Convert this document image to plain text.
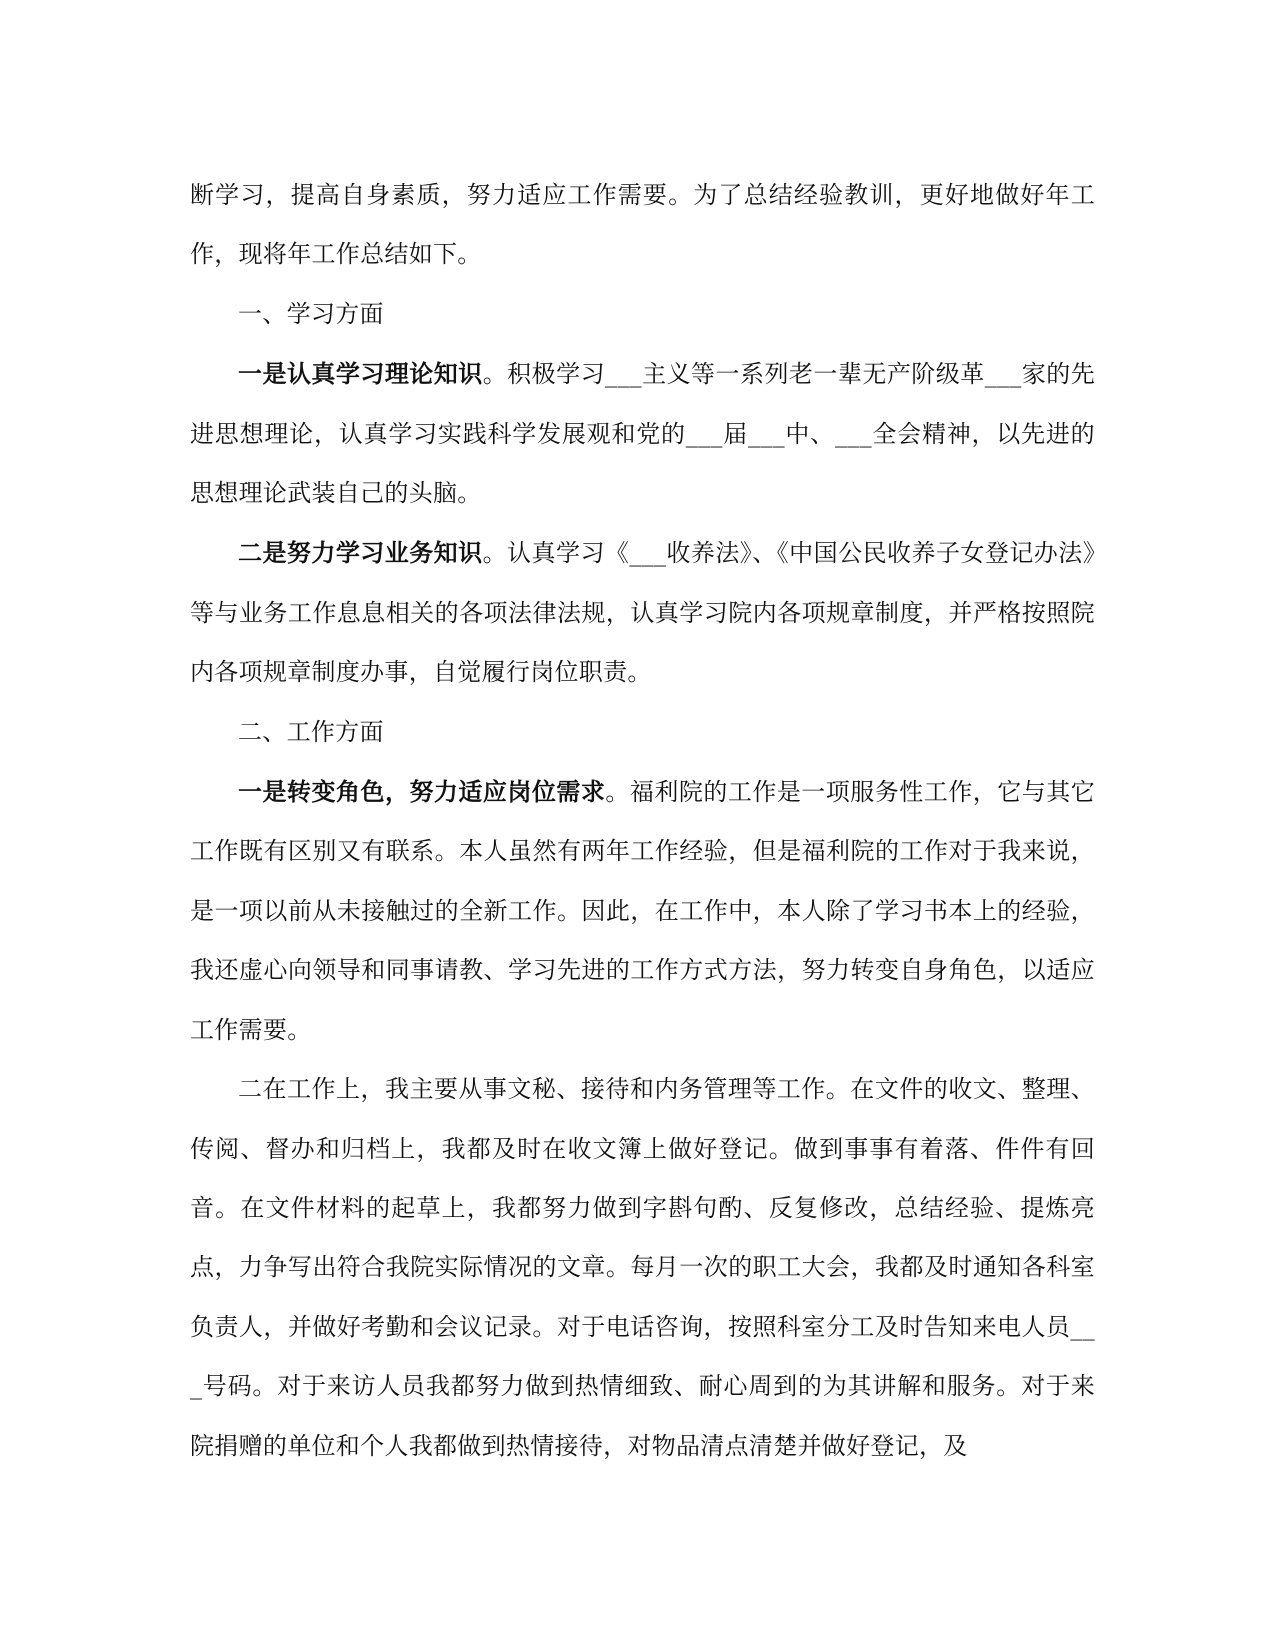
断学习，提高自身素质，努力适应工作需要。为了总结经验教训，更好地做好年工作，现将年工作总结如下。

一、学习方面

一是认真学习理论知识。积极学习___主义等一系列老一辈无产阶级革___家的先进思想理论，认真学习实践科学发展观和党的___届___中、___全会精神，以先进的思想理论武装自己的头脑。

二是努力学习业务知识。认真学习《___收养法》、《中国公民收养子女登记办法》等与业务工作息息相关的各项法律法规，认真学习院内各项规章制度，并严格按照院内各项规章制度办事，自觉履行岗位职责。

二、工作方面

一是转变角色，努力适应岗位需求。福利院的工作是一项服务性工作，它与其它工作既有区别又有联系。本人虽然有两年工作经验，但是福利院的工作对于我来说，是一项以前从未接触过的全新工作。因此，在工作中，本人除了学习书本上的经验，我还虚心向领导和同事请教、学习先进的工作方式方法，努力转变自身角色，以适应工作需要。

二在工作上，我主要从事文秘、接待和内务管理等工作。在文件的收文、整理、传阅、督办和归档上，我都及时在收文簿上做好登记。做到事事有着落、件件有回音。在文件材料的起草上，我都努力做到字斟句酌、反复修改，总结经验、提炼亮点，力争写出符合我院实际情况的文章。每月一次的职工大会，我都及时通知各科室负责人，并做好考勤和会议记录。对于电话咨询，按照科室分工及时告知来电人员___号码。对于来访人员我都努力做到热情细致、耐心周到的为其讲解和服务。对于来院捐赠的单位和个人我都做到热情接待，对物品清点清楚并做好登记，及
